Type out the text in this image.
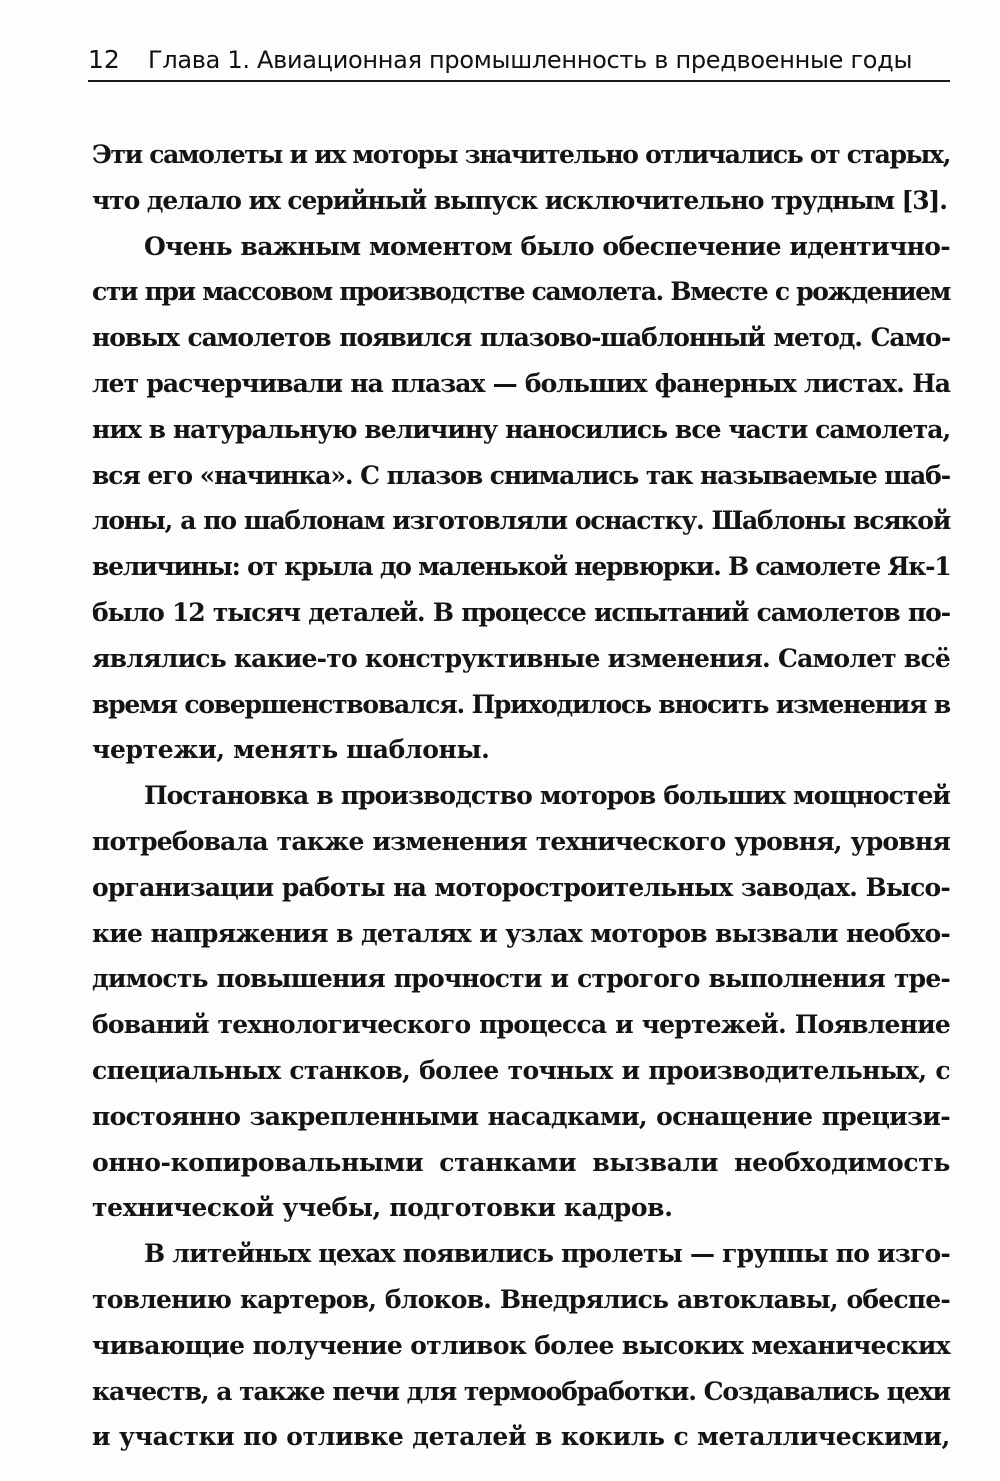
12 Глава 1. Авиационная промышленность в предвоенные годы
Эти самолеты и их моторы значительно отличались от старых,
что делало их серийный выпуск исключительно трудным [3].
Очень важным моментом было обеспечение идентично-
сти при массовом производстве самолета. Вместе с рождением
новых самолетов появился плазово-шаблонный метод. Само-
лет расчерчивали на плазах — больших фанерных листах. На
них в натуральную величину наносились все части самолета,
вся его «начинка». С плазов снимались так называемые шаб-
лоны, а по шаблонам изготовляли оснастку. Шаблоны всякой
величины: от крыла до маленькой нервюрки. В самолете Як-1
было 12 тысяч деталей. В процессе испытаний самолетов по-
являлись какие-то конструктивные изменения. Самолет всё
время совершенствовался. Приходилось вносить изменения в
чертежи, менять шаблоны.
Постановка в производство моторов больших мощностей
потребовала также изменения технического уровня, уровня
организации работы на моторостроительных заводах. Высо-
кие напряжения в деталях и узлах моторов вызвали необхо-
димость повышения прочности и строгого выполнения тре-
бований технологического процесса и чертежей. Появление
специальных станков, более точных и производительных, с
постоянно закрепленными насадками, оснащение прецизи-
онно-копировальными станками вызвали необходимость
технической учебы, подготовки кадров.
В литейных цехах появились пролеты — группы по изго-
товлению картеров, блоков. Внедрялись автоклавы, обеспе-
чивающие получение отливок более высоких механических
качеств, а также печи для термообработки. Создавались цехи
и участки по отливке деталей в кокиль с металлическими,
